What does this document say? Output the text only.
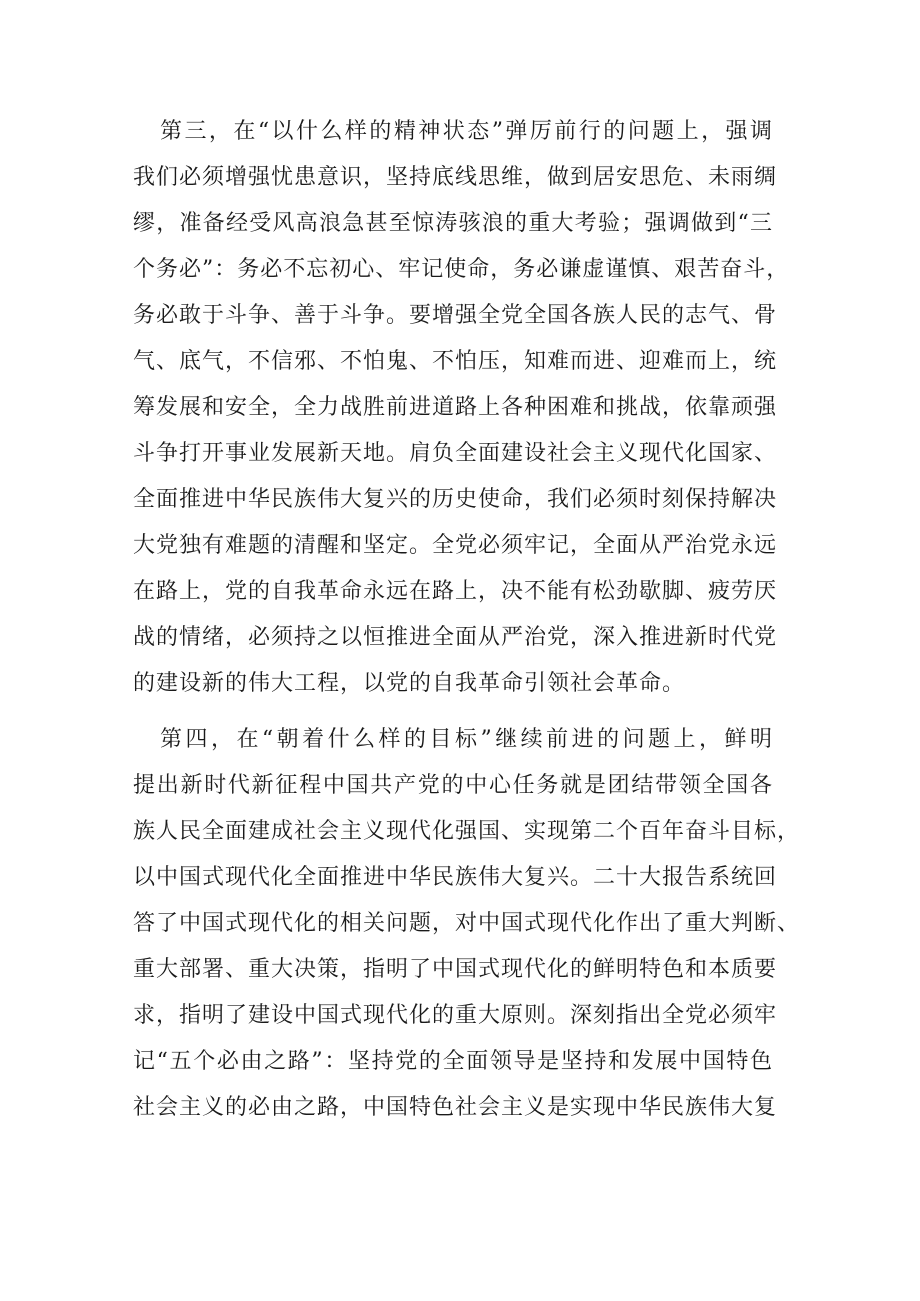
第三，在“以什么样的精神状态”弹厉前行的问题上，强调
我们必须增强忧患意识，坚持底线思维，做到居安思危、未雨绸
缪，准备经受风高浪急甚至惊涛骇浪的重大考验；强调做到“三
个务必”：务必不忘初心、牢记使命，务必谦虚谨慎、艰苦奋斗，
务必敢于斗争、善于斗争。要增强全党全国各族人民的志气、骨
气、底气，不信邪、不怕鬼、不怕压，知难而进、迎难而上，统
筹发展和安全，全力战胜前进道路上各种困难和挑战，依靠顽强
斗争打开事业发展新天地。肩负全面建设社会主义现代化国家、
全面推进中华民族伟大复兴的历史使命，我们必须时刻保持解决
大党独有难题的清醒和坚定。全党必须牢记，全面从严治党永远
在路上，党的自我革命永远在路上，决不能有松劲歇脚、疲劳厌
战的情绪，必须持之以恒推进全面从严治党，深入推进新时代党
的建设新的伟大工程，以党的自我革命引领社会革命。
第四，在“朝着什么样的目标”继续前进的问题上，鲜明
提出新时代新征程中国共产党的中心任务就是团结带领全国各
族人民全面建成社会主义现代化强国、实现第二个百年奋斗目标，
以中国式现代化全面推进中华民族伟大复兴。二十大报告系统回
答了中国式现代化的相关问题，对中国式现代化作出了重大判断、
重大部署、重大决策，指明了中国式现代化的鲜明特色和本质要
求，指明了建设中国式现代化的重大原则。深刻指出全党必须牢
记“五个必由之路”：坚持党的全面领导是坚持和发展中国特色
社会主义的必由之路，中国特色社会主义是实现中华民族伟大复
